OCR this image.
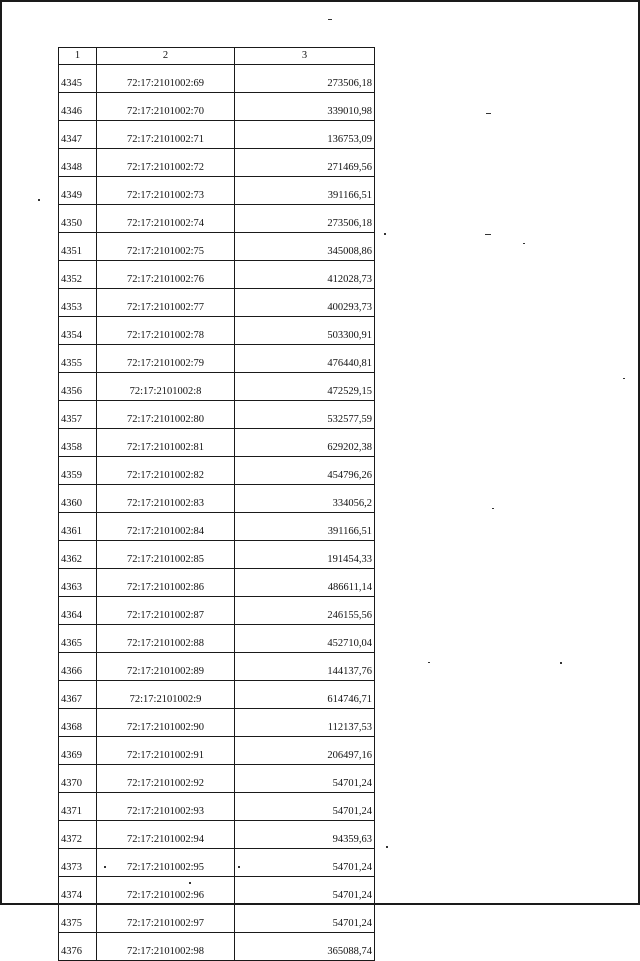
1	2	3
4345	72:17:2101002:69	273506,18
4346	72:17:2101002:70	339010,98
4347	72:17:2101002:71	136753,09
4348	72:17:2101002:72	271469,56
4349	72:17:2101002:73	391166,51
4350	72:17:2101002:74	273506,18
4351	72:17:2101002:75	345008,86
4352	72:17:2101002:76	412028,73
4353	72:17:2101002:77	400293,73
4354	72:17:2101002:78	503300,91
4355	72:17:2101002:79	476440,81
4356	72:17:2101002:8	472529,15
4357	72:17:2101002:80	532577,59
4358	72:17:2101002:81	629202,38
4359	72:17:2101002:82	454796,26
4360	72:17:2101002:83	334056,2
4361	72:17:2101002:84	391166,51
4362	72:17:2101002:85	191454,33
4363	72:17:2101002:86	486611,14
4364	72:17:2101002:87	246155,56
4365	72:17:2101002:88	452710,04
4366	72:17:2101002:89	144137,76
4367	72:17:2101002:9	614746,71
4368	72:17:2101002:90	112137,53
4369	72:17:2101002:91	206497,16
4370	72:17:2101002:92	54701,24
4371	72:17:2101002:93	54701,24
4372	72:17:2101002:94	94359,63
4373	72:17:2101002:95	54701,24
4374	72:17:2101002:96	54701,24
4375	72:17:2101002:97	54701,24
4376	72:17:2101002:98	365088,74
